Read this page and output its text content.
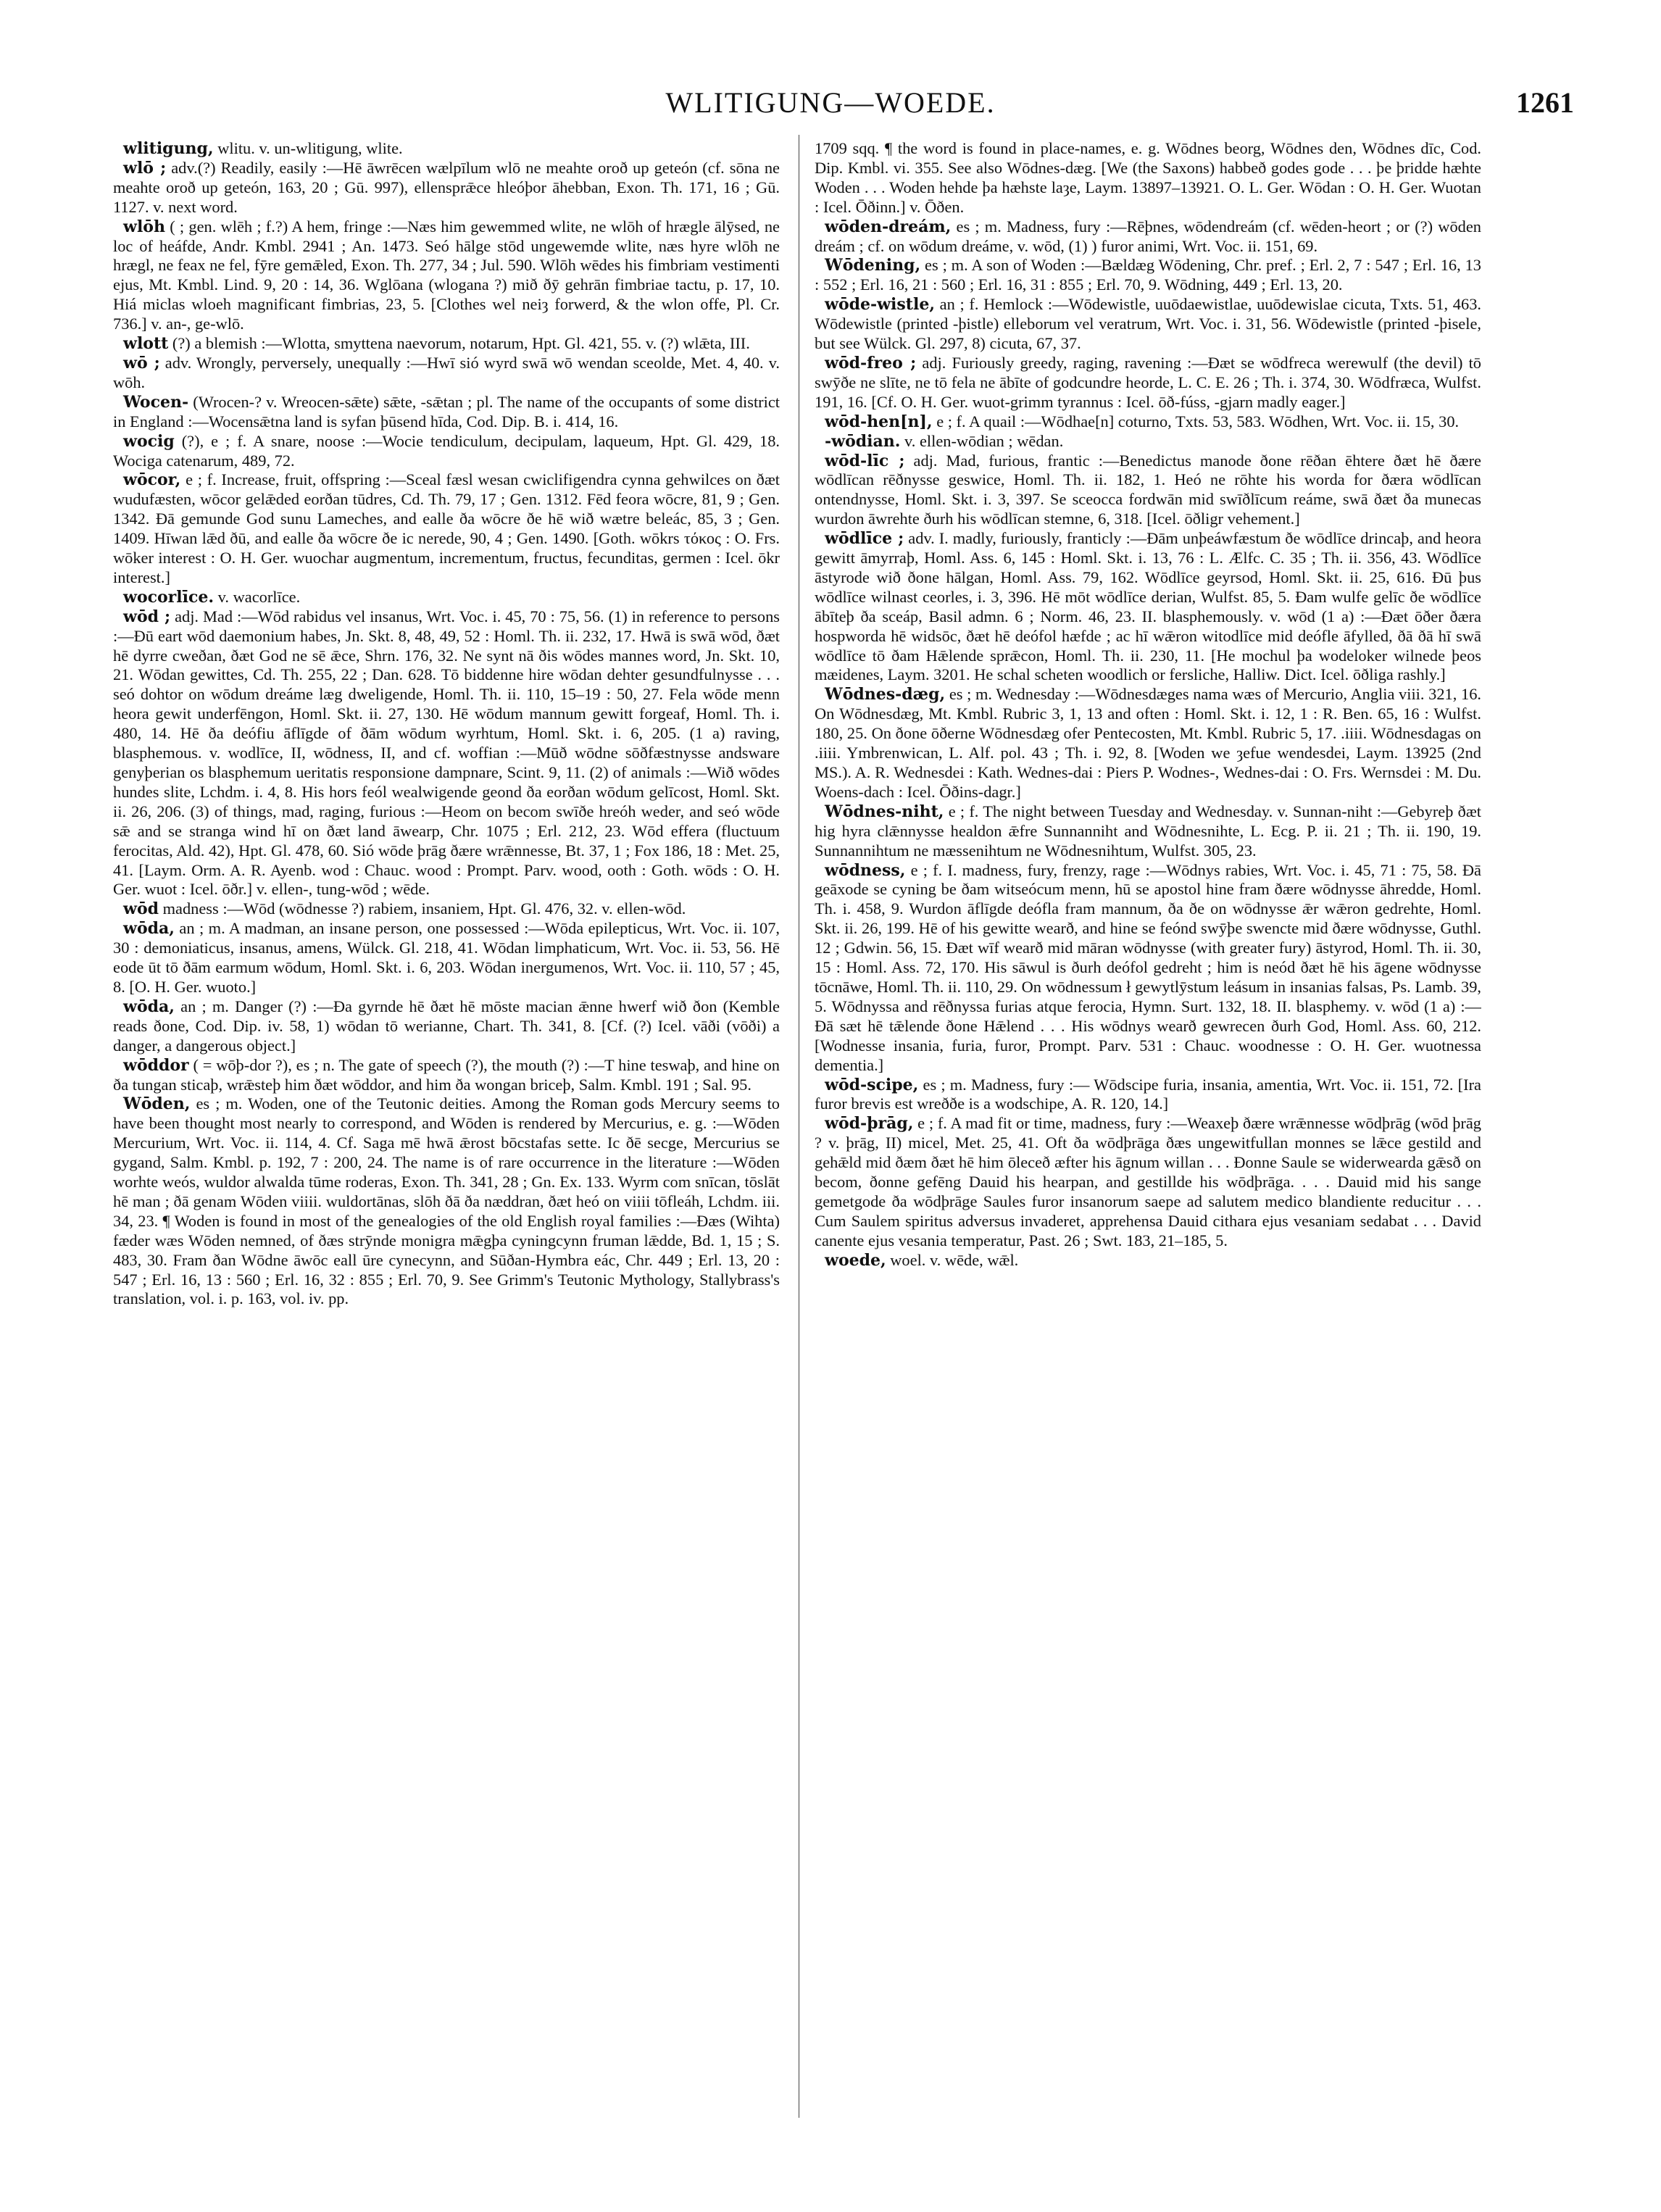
WLITIGUNG—WOEDE.	1261

wlitigung, wlitu. v. un-wlitigung, wlite.

wlō ; adv.(?) Readily, easily :—Hē āwrēcen wælpīlum wlō ne meahte oroð up geteón (cf. sōna ne meahte oroð up geteón, 163, 20 ; Gū. 997), ellensprǣce hleóþor āhebban, Exon. Th. 171, 16 ; Gū. 1127. v. next word.

wlōh ( ; gen. wlēh ; f.?) A hem, fringe :—Næs him gewemmed wlite, ne wlōh of hrægle ālȳsed, ne loc of heáfde, Andr. Kmbl. 2941 ; An. 1473. Seó hālge stōd ungewemde wlite, næs hyre wlōh ne hrægl, ne feax ne fel, fȳre gemǣled, Exon. Th. 277, 34 ; Jul. 590. Wlōh wēdes his fimbriam vestimenti ejus, Mt. Kmbl. Lind. 9, 20 : 14, 36. Wglōana (wlogana ?) mið ðȳ gehrān fimbriae tactu, p. 17, 10. Hiá miclas wloeh magnificant fimbrias, 23, 5. [Clothes wel neiȝ forwerd, & the wlon offe, Pl. Cr. 736.] v. an-, ge-wlō.

wlott (?) a blemish :—Wlotta, smyttena naevorum, notarum, Hpt. Gl. 421, 55. v. (?) wlǣta, III.

wō ; adv. Wrongly, perversely, unequally :—Hwī sió wyrd swā wō wendan sceolde, Met. 4, 40. v. wōh.

Wocen- (Wrocen-? v. Wreocen-sǣte) sǣte, -sǣtan ; pl. The name of the occupants of some district in England :—Wocensǣtna land is syfan þūsend hīda, Cod. Dip. B. i. 414, 16.

wocig (?), e ; f. A snare, noose :—Wocie tendiculum, decipulam, laqueum, Hpt. Gl. 429, 18. Wociga catenarum, 489, 72.

wōcor, e ; f. Increase, fruit, offspring :—Sceal fæsl wesan cwiclifigendra cynna gehwilces on ðæt wudufæsten, wōcor gelǣded eorðan tūdres, Cd. Th. 79, 17 ; Gen. 1312. Fēd feora wōcre, 81, 9 ; Gen. 1342. Ðā gemunde God sunu Lameches, and ealle ða wōcre ðe hē wið wætre beleác, 85, 3 ; Gen. 1409. Hīwan lǣd ðū, and ealle ða wōcre ðe ic nerede, 90, 4 ; Gen. 1490. [Goth. wōkrs τόκος : O. Frs. wōker interest : O. H. Ger. wuochar augmentum, incrementum, fructus, fecunditas, germen : Icel. ōkr interest.]

wocorlīce. v. wacorlīce.

wōd ; adj. Mad :—Wōd rabidus vel insanus, Wrt. Voc. i. 45, 70 : 75, 56. (1) in reference to persons :—Ðū eart wōd daemonium habes, Jn. Skt. 8, 48, 49, 52 : Homl. Th. ii. 232, 17. Hwā is swā wōd, ðæt hē dyrre cweðan, ðæt God ne sē ǣce, Shrn. 176, 32. Ne synt nā ðis wōdes mannes word, Jn. Skt. 10, 21. Wōdan gewittes, Cd. Th. 255, 22 ; Dan. 628. Tō biddenne hire wōdan dehter gesundfulnysse . . . seó dohtor on wōdum dreáme læg dweligende, Homl. Th. ii. 110, 15–19 : 50, 27. Fela wōde menn heora gewit underfēngon, Homl. Skt. ii. 27, 130. Hē wōdum mannum gewitt forgeaf, Homl. Th. i. 480, 14. Hē ða deófiu āflīgde of ðām wōdum wyrhtum, Homl. Skt. i. 6, 205. (1 a) raving, blasphemous. v. wodlīce, II, wōdness, II, and cf. woffian :—Mūð wōdne sōðfæstnysse andsware genyþerian os blasphemum ueritatis responsione dampnare, Scint. 9, 11. (2) of animals :—Wið wōdes hundes slite, Lchdm. i. 4, 8. His hors feól wealwigende geond ða eorðan wōdum gelīcost, Homl. Skt. ii. 26, 206. (3) of things, mad, raging, furious :—Heom on becom swīðe hreóh weder, and seó wōde sǣ and se stranga wind hī on ðæt land āwearp, Chr. 1075 ; Erl. 212, 23. Wōd effera (fluctuum ferocitas, Ald. 42), Hpt. Gl. 478, 60. Sió wōde þrāg ðære wrǣnnesse, Bt. 37, 1 ; Fox 186, 18 : Met. 25, 41. [Laym. Orm. A. R. Ayenb. wod : Chauc. wood : Prompt. Parv. wood, ooth : Goth. wōds : O. H. Ger. wuot : Icel. ōðr.] v. ellen-, tung-wōd ; wēde.

wōd madness :—Wōd (wōdnesse ?) rabiem, insaniem, Hpt. Gl. 476, 32. v. ellen-wōd.

wōda, an ; m. A madman, an insane person, one possessed :—Wōda epilepticus, Wrt. Voc. ii. 107, 30 : demoniaticus, insanus, amens, Wülck. Gl. 218, 41. Wōdan limphaticum, Wrt. Voc. ii. 53, 56. Hē eode ūt tō ðām earmum wōdum, Homl. Skt. i. 6, 203. Wōdan inergumenos, Wrt. Voc. ii. 110, 57 ; 45, 8. [O. H. Ger. wuoto.]

wōda, an ; m. Danger (?) :—Ða gyrnde hē ðæt hē mōste macian ǣnne hwerf wið ðon (Kemble reads ðone, Cod. Dip. iv. 58, 1) wōdan tō werianne, Chart. Th. 341, 8. [Cf. (?) Icel. vāði (vōði) a danger, a dangerous object.]

wōddor ( = wōþ-dor ?), es ; n. The gate of speech (?), the mouth (?) :—T hine teswaþ, and hine on ða tungan sticaþ, wrǣsteþ him ðæt wōddor, and him ða wongan briceþ, Salm. Kmbl. 191 ; Sal. 95.

Wōden, es ; m. Woden, one of the Teutonic deities. Among the Roman gods Mercury seems to have been thought most nearly to correspond, and Wōden is rendered by Mercurius, e. g. :—Wōden Mercurium, Wrt. Voc. ii. 114, 4. Cf. Saga mē hwā ǣrost bōcstafas sette. Ic ðē secge, Mercurius se gygand, Salm. Kmbl. p. 192, 7 : 200, 24. The name is of rare occurrence in the literature :—Wōden worhte weós, wuldor alwalda tūme roderas, Exon. Th. 341, 28 ; Gn. Ex. 133. Wyrm com snīcan, tōslāt hē man ; ðā genam Wōden viiii. wuldortānas, slōh ðā ða næddran, ðæt heó on viiii tōfleáh, Lchdm. iii. 34, 23. ¶ Woden is found in most of the genealogies of the old English royal families :—Ðæs (Wihta) fæder wæs Wōden nemned, of ðæs strȳnde monigra mǣgþa cyningcynn fruman lǣdde, Bd. 1, 15 ; S. 483, 30. Fram ðan Wōdne āwōc eall ūre cynecynn, and Sūðan-Hymbra eác, Chr. 449 ; Erl. 13, 20 : 547 ; Erl. 16, 13 : 560 ; Erl. 16, 32 : 855 ; Erl. 70, 9. See Grimm's Teutonic Mythology, Stallybrass's translation, vol. i. p. 163, vol. iv. pp.

1709 sqq. ¶ the word is found in place-names, e. g. Wōdnes beorg, Wōdnes den, Wōdnes dīc, Cod. Dip. Kmbl. vi. 355. See also Wōdnes-dæg. [We (the Saxons) habbeð godes gode . . . þe þridde hæhte Woden . . . Woden hehde þa hæhste laȝe, Laym. 13897–13921. O. L. Ger. Wōdan : O. H. Ger. Wuotan : Icel. Ōðinn.] v. Ōðen.

wōden-dreám, es ; m. Madness, fury :—Rēþnes, wōdendreám (cf. wēden-heort ; or (?) wōden dreám ; cf. on wōdum dreáme, v. wōd, (1) ) furor animi, Wrt. Voc. ii. 151, 69.

Wōdening, es ; m. A son of Woden :—Bældæg Wōdening, Chr. pref. ; Erl. 2, 7 : 547 ; Erl. 16, 13 : 552 ; Erl. 16, 21 : 560 ; Erl. 16, 31 : 855 ; Erl. 70, 9. Wōdning, 449 ; Erl. 13, 20.

wōde-wistle, an ; f. Hemlock :—Wōdewistle, uuōdaewistlae, uuōdewislae cicuta, Txts. 51, 463. Wōdewistle (printed -þistle) elleborum vel veratrum, Wrt. Voc. i. 31, 56. Wōdewistle (printed -þisele, but see Wülck. Gl. 297, 8) cicuta, 67, 37.

wōd-freo ; adj. Furiously greedy, raging, ravening :—Ðæt se wōdfreca werewulf (the devil) tō swȳðe ne slīte, ne tō fela ne ābīte of godcundre heorde, L. C. E. 26 ; Th. i. 374, 30. Wōdfræca, Wulfst. 191, 16. [Cf. O. H. Ger. wuot-grimm tyrannus : Icel. ōð-fúss, -gjarn madly eager.]

wōd-hen[n], e ; f. A quail :—Wōdhae[n] coturno, Txts. 53, 583. Wōdhen, Wrt. Voc. ii. 15, 30.

-wōdian. v. ellen-wōdian ; wēdan.

wōd-līc ; adj. Mad, furious, frantic :—Benedictus manode ðone rēðan ēhtere ðæt hē ðære wōdlīcan rēðnysse geswice, Homl. Th. ii. 182, 1. Heó ne rōhte his worda for ðæra wōdlīcan ontendnysse, Homl. Skt. i. 3, 397. Se sceocca fordwān mid swīðlīcum reáme, swā ðæt ða munecas wurdon āwrehte ðurh his wōdlīcan stemne, 6, 318. [Icel. ōðligr vehement.]

wōdlīce ; adv. I. madly, furiously, franticly :—Ðām unþeáwfæstum ðe wōdlīce drincaþ, and heora gewitt āmyrraþ, Homl. Ass. 6, 145 : Homl. Skt. i. 13, 76 : L. Ælfc. C. 35 ; Th. ii. 356, 43. Wōdlīce āstyrode wið ðone hālgan, Homl. Ass. 79, 162. Wōdlīce geyrsod, Homl. Skt. ii. 25, 616. Ðū þus wōdlīce wilnast ceorles, i. 3, 396. Hē mōt wōdlīce derian, Wulfst. 85, 5. Ðam wulfe gelīc ðe wōdlīce ābīteþ ða sceáp, Basil admn. 6 ; Norm. 46, 23. II. blasphemously. v. wōd (1 a) :—Ðæt ōðer ðæra hospworda hē widsōc, ðæt hē deófol hæfde ; ac hī wǣron witodlīce mid deófle āfylled, ðā ðā hī swā wōdlīce tō ðam Hǣlende sprǣcon, Homl. Th. ii. 230, 11. [He mochul þa wodeloker wilnede þeos mæidenes, Laym. 3201. He schal scheten woodlich or fersliche, Halliw. Dict. Icel. ōðliga rashly.]

Wōdnes-dæg, es ; m. Wednesday :—Wōdnesdæges nama wæs of Mercurio, Anglia viii. 321, 16. On Wōdnesdæg, Mt. Kmbl. Rubric 3, 1, 13 and often : Homl. Skt. i. 12, 1 : R. Ben. 65, 16 : Wulfst. 180, 25. On ðone ōðerne Wōdnesdæg ofer Pentecosten, Mt. Kmbl. Rubric 5, 17. .iiii. Wōdnesdagas on .iiii. Ymbrenwican, L. Alf. pol. 43 ; Th. i. 92, 8. [Woden we ȝefue wendesdei, Laym. 13925 (2nd MS.). A. R. Wednesdei : Kath. Wednes-dai : Piers P. Wodnes-, Wednes-dai : O. Frs. Wernsdei : M. Du. Woens-dach : Icel. Ōðins-dagr.]

Wōdnes-niht, e ; f. The night between Tuesday and Wednesday. v. Sunnan-niht :—Gebyreþ ðæt hig hyra clǣnnysse healdon ǣfre Sunnanniht and Wōdnesnihte, L. Ecg. P. ii. 21 ; Th. ii. 190, 19. Sunnannihtum ne mæssenihtum ne Wōdnesnihtum, Wulfst. 305, 23.

wōdness, e ; f. I. madness, fury, frenzy, rage :—Wōdnys rabies, Wrt. Voc. i. 45, 71 : 75, 58. Ðā geāxode se cyning be ðam witseócum menn, hū se apostol hine fram ðære wōdnysse āhredde, Homl. Th. i. 458, 9. Wurdon āflīgde deófla fram mannum, ða ðe on wōdnysse ǣr wǣron gedrehte, Homl. Skt. ii. 26, 199. Hē of his gewitte wearð, and hine se feónd swȳþe swencte mid ðære wōdnysse, Guthl. 12 ; Gdwin. 56, 15. Ðæt wīf wearð mid māran wōdnysse (with greater fury) āstyrod, Homl. Th. ii. 30, 15 : Homl. Ass. 72, 170. His sāwul is ðurh deófol gedreht ; him is neód ðæt hē his āgene wōdnysse tōcnāwe, Homl. Th. ii. 110, 29. On wōdnessum ł gewytlȳstum leásum in insanias falsas, Ps. Lamb. 39, 5. Wōdnyssa and rēðnyssa furias atque ferocia, Hymn. Surt. 132, 18. II. blasphemy. v. wōd (1 a) :—Ðā sæt hē tǣlende ðone Hǣlend . . . His wōdnys wearð gewrecen ðurh God, Homl. Ass. 60, 212. [Wodnesse insania, furia, furor, Prompt. Parv. 531 : Chauc. woodnesse : O. H. Ger. wuotnessa dementia.]

wōd-scipe, es ; m. Madness, fury :— Wōdscipe furia, insania, amentia, Wrt. Voc. ii. 151, 72. [Ira furor brevis est wreððe is a wodschipe, A. R. 120, 14.]

wōd-þrāg, e ; f. A mad fit or time, madness, fury :—Weaxeþ ðære wrǣnnesse wōdþrāg (wōd þrāg ? v. þrāg, II) micel, Met. 25, 41. Oft ða wōdþrāga ðæs ungewitfullan monnes se lǣce gestild and gehǣld mid ðæm ðæt hē him ōleceð æfter his āgnum willan . . . Ðonne Saule se widerwearda gǣsð on becom, ðonne gefēng Dauid his hearpan, and gestillde his wōdþrāga. . . . Dauid mid his sange gemetgode ða wōdþrāge Saules furor insanorum saepe ad salutem medico blandiente reducitur . . . Cum Saulem spiritus adversus invaderet, apprehensa Dauid cithara ejus vesaniam sedabat . . . David canente ejus vesania temperatur, Past. 26 ; Swt. 183, 21–185, 5.

woede, woel. v. wēde, wǣl.
